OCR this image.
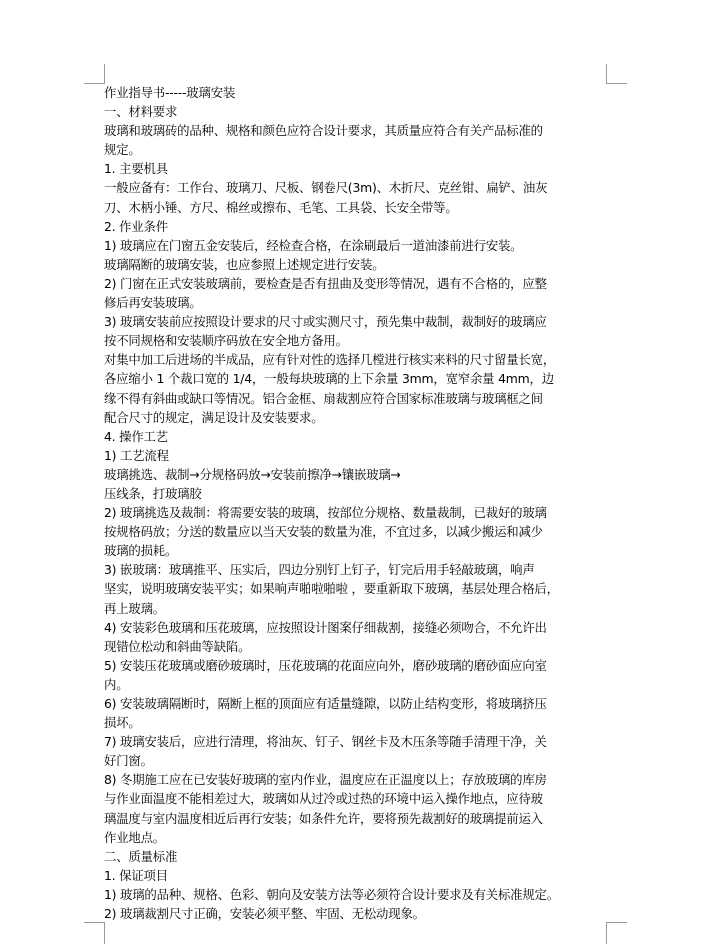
作业指导书-----玻璃安装
一、材料要求
玻璃和玻璃砖的品种、规格和颜色应符合设计要求，其质量应符合有关产品标准的
规定。
1. 主要机具
一般应备有：工作台、玻璃刀、尺板、钢卷尺(3m)、木折尺、克丝钳、扁铲、油灰
刀、木柄小锤、方尺、棉丝或擦布、毛笔、工具袋、长安全带等。
2. 作业条件
1) 玻璃应在门窗五金安装后，经检查合格，在涂刷最后一道油漆前进行安装。
玻璃隔断的玻璃安装，也应参照上述规定进行安装。
2) 门窗在正式安装玻璃前，要检查是否有扭曲及变形等情况，遇有不合格的，应整
修后再安装玻璃。
3) 玻璃安装前应按照设计要求的尺寸或实测尺寸，预先集中裁制，裁制好的玻璃应
按不同规格和安装顺序码放在安全地方备用。
对集中加工后进场的半成品，应有针对性的选择几樘进行核实来料的尺寸留量长宽，
各应缩小 1 个裁口宽的 1/4，一般每块玻璃的上下余量 3mm，宽窄余量 4mm，边
缘不得有斜曲或缺口等情况。铝合金框、扇裁割应符合国家标准玻璃与玻璃框之间
配合尺寸的规定，满足设计及安装要求。
4. 操作工艺
1) 工艺流程
玻璃挑选、裁制→分规格码放→安装前擦净→镶嵌玻璃→
压线条，打玻璃胶
2) 玻璃挑选及裁制：将需要安装的玻璃，按部位分规格、数量裁制，已裁好的玻璃
按规格码放；分送的数量应以当天安装的数量为准，不宜过多，以减少搬运和减少
玻璃的损耗。
3) 嵌玻璃：玻璃推平、压实后，四边分别钉上钉子，钉完后用手轻敲玻璃，响声
坚实，说明玻璃安装平实；如果响声啪啦啪啦 ，要重新取下玻璃，基层处理合格后，
再上玻璃。
4) 安装彩色玻璃和压花玻璃，应按照设计图案仔细裁割，接缝必须吻合，不允许出
现错位松动和斜曲等缺陷。
5) 安装压花玻璃或磨砂玻璃时，压花玻璃的花面应向外，磨砂玻璃的磨砂面应向室
内。
6) 安装玻璃隔断时，隔断上框的顶面应有适量缝隙，以防止结构变形，将玻璃挤压
损坏。
7) 玻璃安装后，应进行清理，将油灰、钉子、钢丝卡及木压条等随手清理干净，关
好门窗。
8) 冬期施工应在已安装好玻璃的室内作业，温度应在正温度以上；存放玻璃的库房
与作业面温度不能相差过大，玻璃如从过冷或过热的环境中运入操作地点，应待玻
璃温度与室内温度相近后再行安装；如条件允许，要将预先裁割好的玻璃提前运入
作业地点。
二、质量标准
1. 保证项目
1) 玻璃的品种、规格、色彩、朝向及安装方法等必须符合设计要求及有关标准规定。
2) 玻璃裁割尺寸正确，安装必须平整、牢固、无松动现象。
